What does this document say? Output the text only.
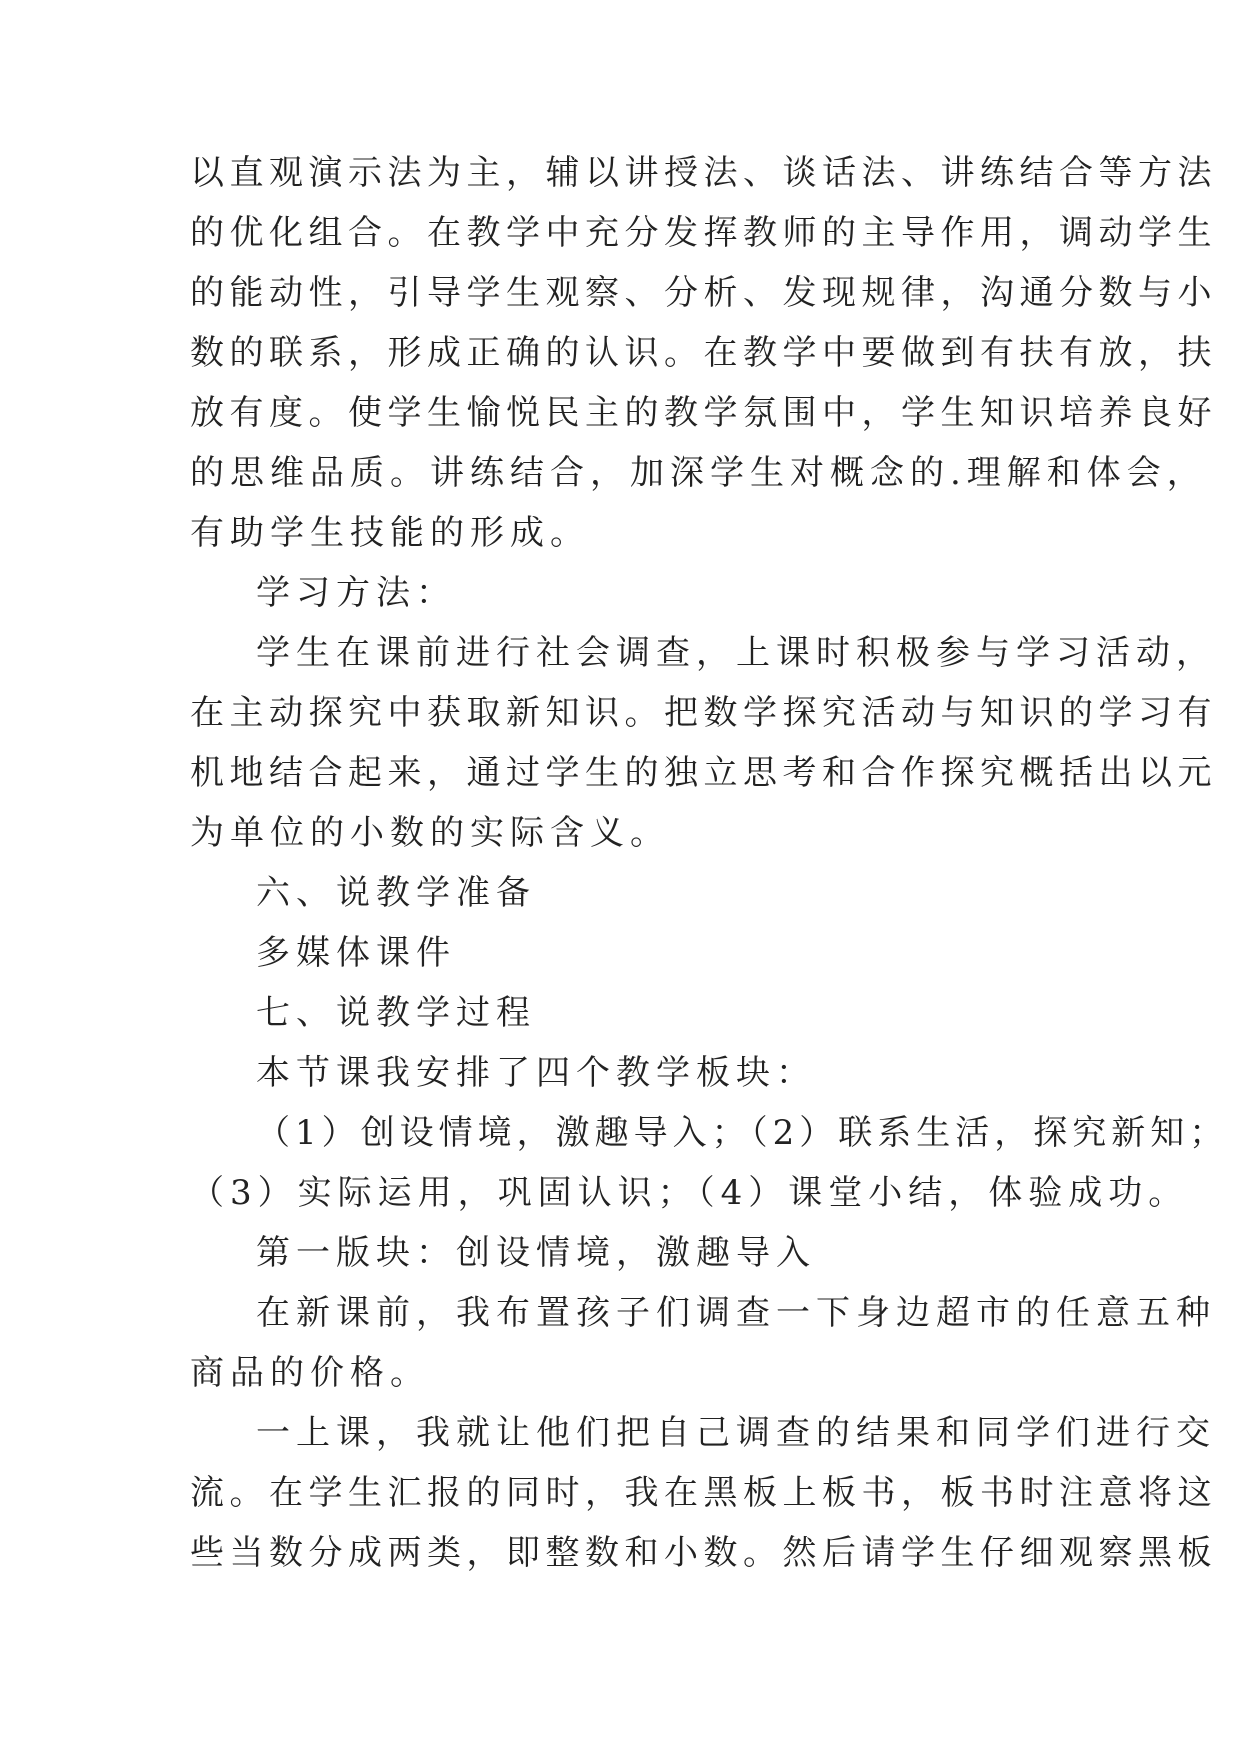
以直观演示法为主，辅以讲授法、谈话法、讲练结合等方法

的优化组合。在教学中充分发挥教师的主导作用，调动学生

的能动性，引导学生观察、分析、发现规律，沟通分数与小

数的联系，形成正确的认识。在教学中要做到有扶有放，扶

放有度。使学生愉悦民主的教学氛围中，学生知识培养良好

的思维品质。讲练结合，加深学生对概念的.理解和体会，

有助学生技能的形成。

学习方法：

学生在课前进行社会调查，上课时积极参与学习活动，

在主动探究中获取新知识。把数学探究活动与知识的学习有

机地结合起来，通过学生的独立思考和合作探究概括出以元

为单位的小数的实际含义。

六、说教学准备

多媒体课件

七、说教学过程

本节课我安排了四个教学板块：

（1）创设情境，激趣导入；（2）联系生活，探究新知；

（3）实际运用，巩固认识；（4）课堂小结，体验成功。

第一版块：创设情境，激趣导入

在新课前，我布置孩子们调查一下身边超市的任意五种

商品的价格。

一上课，我就让他们把自己调查的结果和同学们进行交

流。在学生汇报的同时，我在黑板上板书，板书时注意将这

些当数分成两类，即整数和小数。然后请学生仔细观察黑板
